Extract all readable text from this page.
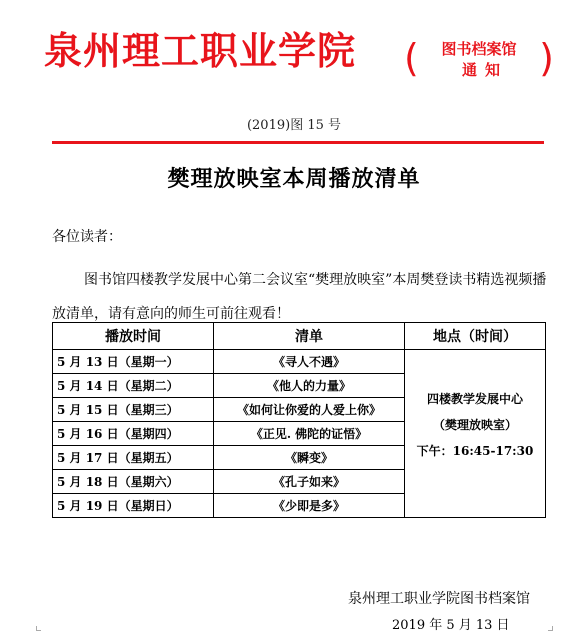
泉州理工职业学院 (	图书档案馆
通知 )
(2019)图 15 号
樊理放映室本周播放清单
各位读者：
图书馆四楼教学发展中心第二会议室“樊理放映室”本周樊登读书精选视频播放清单，请有意向的师生可前往观看！
播放时间	清单	地点（时间）
5 月 13 日（星期一）	《寻人不遇》	四楼教学发展中心
（樊理放映室）
下午：16:45-17:30

5 月 14 日（星期二）	《他人的力量》	
5 月 15 日（星期三）	《如何让你爱的人爱上你》	
5 月 16 日（星期四）	《正见. 佛陀的证悟》	
5 月 17 日（星期五）	《瞬变》	
5 月 18 日（星期六）	《孔子如来》	
5 月 19 日（星期日）	《少即是多》	
泉州理工职业学院图书档案馆
2019 年 5 月 13 日
